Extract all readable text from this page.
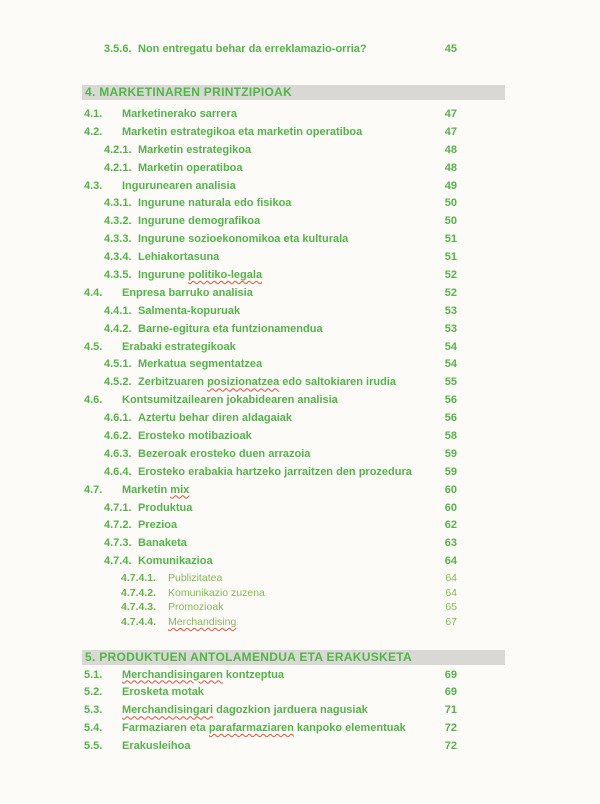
3.5.6. Non entregatu behar da erreklamazio-orria?	45
4. MARKETINAREN PRINTZIPIOAK
4.1.	Marketinerako sarrera	47
4.2.	Marketin estrategikoa eta marketin operatiboa	47
4.2.1. Marketin estrategikoa	48
4.2.1. Marketin operatiboa	48
4.3.	Ingurunearen analisia	49
4.3.1. Ingurune naturala edo fisikoa	50
4.3.2. Ingurune demografikoa	50
4.3.3. Ingurune sozioekonomikoa eta kulturala	51
4.3.4. Lehiakortasuna	51
4.3.5. Ingurune politiko-legala	52
4.4.	Enpresa barruko analisia	52
4.4.1. Salmenta-kopuruak	53
4.4.2. Barne-egitura eta funtzionamendua	53
4.5.	Erabaki estrategikoak	54
4.5.1. Merkatua segmentatzea	54
4.5.2. Zerbitzuaren posizionatzea edo saltokiaren irudia	55
4.6.	Kontsumitzailearen jokabidearen analisia	56
4.6.1. Aztertu behar diren aldagaiak	56
4.6.2. Erosteko motibazioak	58
4.6.3. Bezeroak erosteko duen arrazoia	59
4.6.4. Erosteko erabakia hartzeko jarraitzen den prozedura	59
4.7.	Marketin mix	60
4.7.1. Produktua	60
4.7.2. Prezioa	62
4.7.3. Banaketa	63
4.7.4. Komunikazioa	64
4.7.4.1.	Publizitatea	64
4.7.4.2.	Komunikazio zuzena	64
4.7.4.3.	Promozioak	65
4.7.4.4.	Merchandising	67
5. PRODUKTUEN ANTOLAMENDUA ETA ERAKUSKETA
5.1.	Merchandisingaren kontzeptua	69
5.2.	Erosketa motak	69
5.3.	Merchandisingari dagozkion jarduera nagusiak	71
5.4.	Farmaziaren eta parafarmaziaren kanpoko elementuak	72
5.5.	Erakusleihoa	72
